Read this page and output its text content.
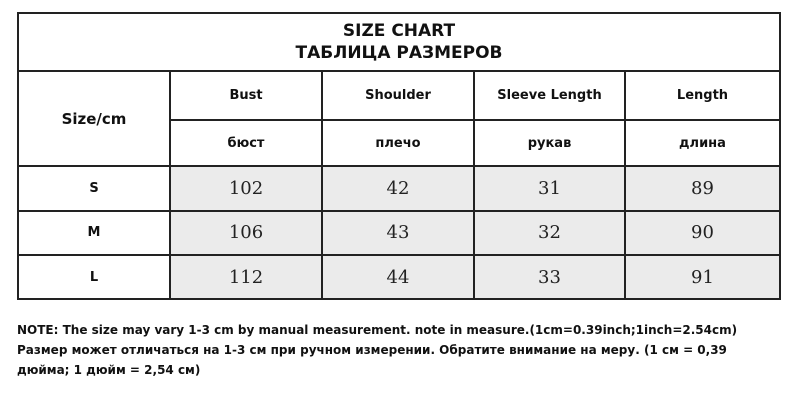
SIZE CHART
ТАБЛИЦА РАЗМЕРОВ
Size/cm	Bust	Shoulder	Sleeve Length	Length
	бюст	плечо	рукав	длина
S	102	42	31	89
M	106	43	32	90
L	112	44	33	91
NOTE: The size may vary 1-3 cm by manual measurement. note in measure.(1cm=0.39inch;1inch=2.54cm)
Размер может отличаться на 1-3 см при ручном измерении. Обратите внимание на меру. (1 см = 0,39
дюйма; 1 дюйм = 2,54 см)
